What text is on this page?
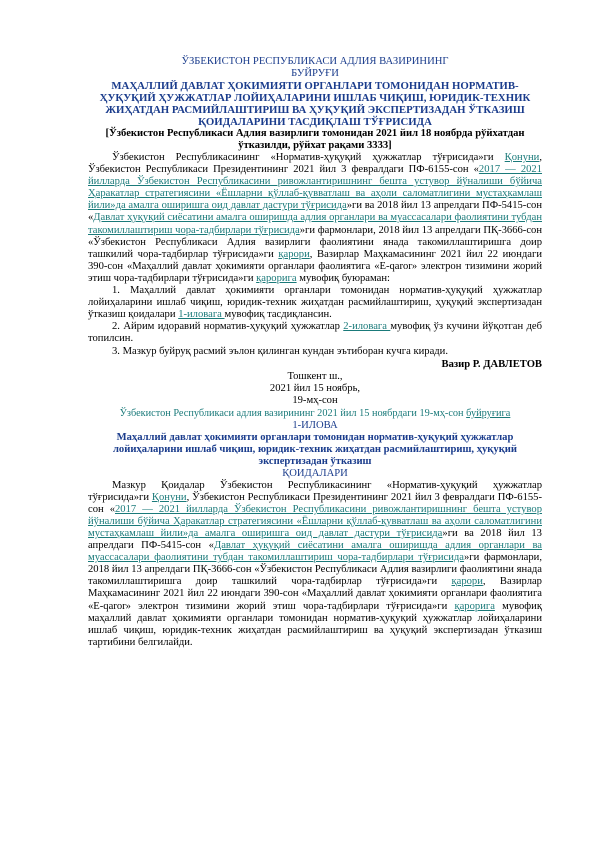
ЎЗБЕКИСТОН РЕСПУБЛИКАСИ АДЛИЯ ВАЗИРИНИНГ
БУЙРУҒИ
МАҲАЛЛИЙ ДАВЛАТ ҲОКИМИЯТИ ОРГАНЛАРИ ТОМОНИДАН НОРМАТИВ-ҲУҚУҚИЙ ҲУЖЖАТЛАР ЛОЙИҲАЛАРИНИ ИШЛАБ ЧИҚИШ, ЮРИДИК-ТЕХНИК ЖИҲАТДАН РАСМИЙЛАШТИРИШ ВА ҲУҚУҚИЙ ЭКСПЕРТИЗАДАН ЎТКАЗИШ ҚОИДАЛАРИНИ ТАСДИҚЛАШ ТЎҒРИСИДА
[Ўзбекистон Республикаси Адлия вазирлиги томонидан 2021 йил 18 ноябрда рўйхатдан ўтказилди, рўйхат рақами 3333]

Ўзбекистон Республикасининг «Норматив-ҳуқуқий ҳужжатлар тўғрисида»ги Қонуни, Ўзбекистон Республикаси Президентининг 2021 йил 3 февралдаги ПФ-6155-сон «2017 — 2021 йилларда Ўзбекистон Республикасини ривожлантиришнинг бешта устувор йўналиши бўйича Ҳаракатлар стратегиясини «Ёшларни қўллаб-қувватлаш ва аҳоли саломатлигини мустаҳкамлаш йили»да амалга оширишга оид давлат дастури тўғрисида»ги ва 2018 йил 13 апрелдаги ПФ-5415-сон «Давлат ҳуқуқий сиёсатини амалга оширишда адлия органлари ва муассасалари фаолиятини тубдан такомиллаштириш чора-тадбирлари тўғрисида»ги фармонлари, 2018 йил 13 апрелдаги ПҚ-3666-сон «Ўзбекистон Республикаси Адлия вазирлиги фаолиятини янада такомиллаштиришга доир ташкилий чора-тадбирлар тўғрисида»ги қарори, Вазирлар Маҳкамасининг 2021 йил 22 июндаги 390-сон «Маҳаллий давлат ҳокимияти органлари фаолиятига «E-qaror» электрон тизимини жорий этиш чора-тадбирлари тўғрисида»ги қарорига мувофиқ буюраман:

1. Маҳаллий давлат ҳокимияти органлари томонидан норматив-ҳуқуқий ҳужжатлар лойиҳаларини ишлаб чиқиш, юридик-техник жиҳатдан расмийлаштириш, ҳуқуқий экспертизадан ўтказиш қоидалари 1-иловага мувофиқ тасдиқлансин.

2. Айрим идоравий норматив-ҳуқуқий ҳужжатлар 2-иловага мувофиқ ўз кучини йўқотган деб топилсин.

3. Мазкур буйруқ расмий эълон қилинган кундан эътиборан кучга киради.

Вазир Р. ДАВЛЕТОВ
Тошкент ш.,
2021 йил 15 ноябрь,
19-мҳ-сон
Ўзбекистон Республикаси адлия вазирининг 2021 йил 15 ноябрдаги 19-мҳ-сон буйруғига
1-ИЛОВА
Маҳаллий давлат ҳокимияти органлари томонидан норматив-ҳуқуқий ҳужжатлар лойиҳаларини ишлаб чиқиш, юридик-техник жиҳатдан расмийлаштириш, ҳуқуқий экспертизадан ўтказиш
ҚОИДАЛАРИ

Мазкур Қоидалар Ўзбекистон Республикасининг «Норматив-ҳуқуқий ҳужжатлар тўғрисида»ги Қонуни, Ўзбекистон Республикаси Президентининг 2021 йил 3 февралдаги ПФ-6155-сон «2017 — 2021 йилларда Ўзбекистон Республикасини ривожлантиришнинг бешта устувор йўналиши бўйича Ҳаракатлар стратегиясини «Ёшларни қўллаб-қувватлаш ва аҳоли саломатлигини мустаҳкамлаш йили»да амалга оширишга оид давлат дастури тўғрисида»ги ва 2018 йил 13 апрелдаги ПФ-5415-сон «Давлат ҳуқуқий сиёсатини амалга оширишда адлия органлари ва муассасалари фаолиятини тубдан такомиллаштириш чора-тадбирлари тўғрисида»ги фармонлари, 2018 йил 13 апрелдаги ПҚ-3666-сон «Ўзбекистон Республикаси Адлия вазирлиги фаолиятини янада такомиллаштиришга доир ташкилий чора-тадбирлар тўғрисида»ги қарори, Вазирлар Маҳкамасининг 2021 йил 22 июндаги 390-сон «Маҳаллий давлат ҳокимияти органлари фаолиятига «E-qaror» электрон тизимини жорий этиш чора-тадбирлари тўғрисида»ги қарорига мувофиқ маҳаллий давлат ҳокимияти органлари томонидан норматив-ҳуқуқий ҳужжатлар лойиҳаларини ишлаб чиқиш, юридик-техник жиҳатдан расмийлаштириш ва ҳуқуқий экспертизадан ўтказиш тартибини белгилайди.
